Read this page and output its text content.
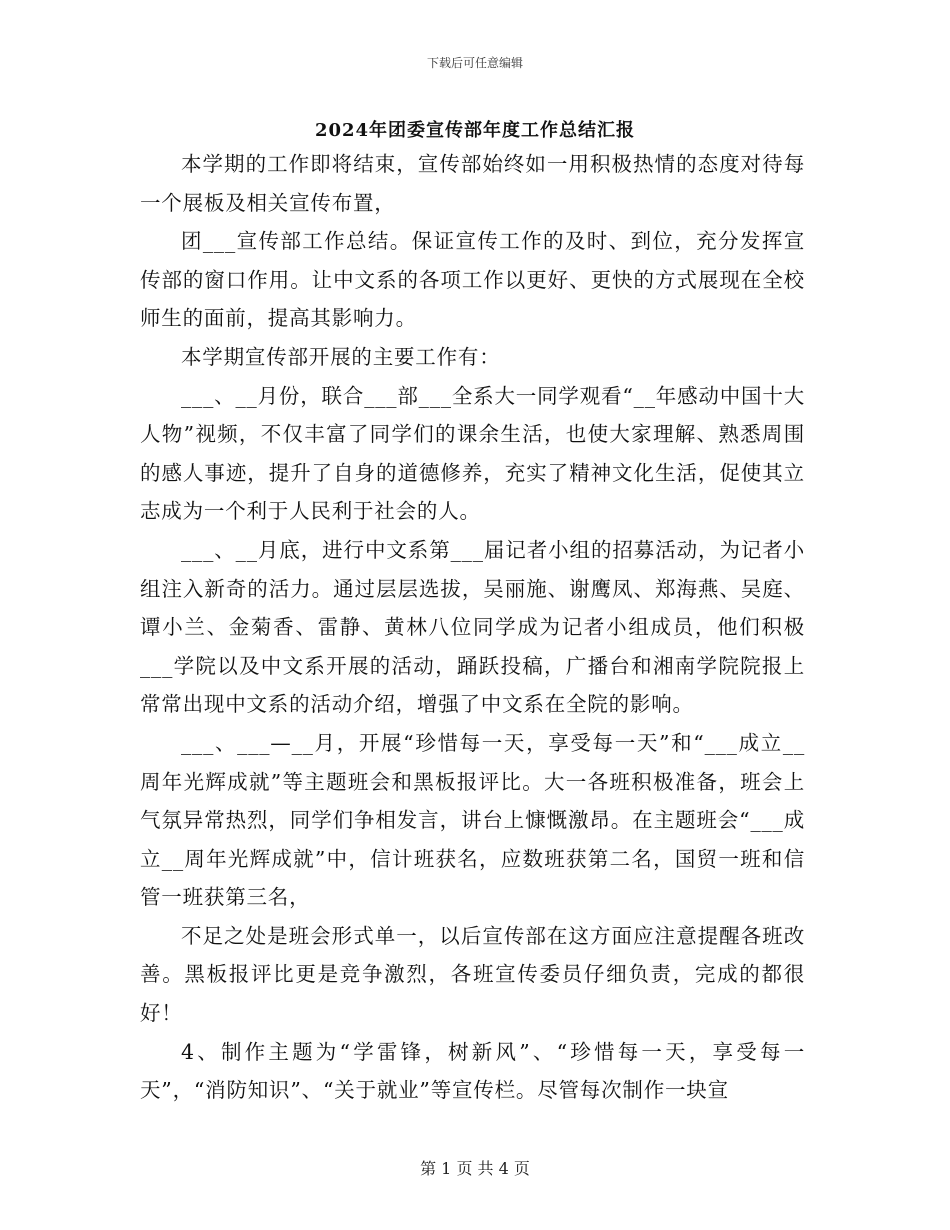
下载后可任意编辑
2024年团委宣传部年度工作总结汇报

本学期的工作即将结束，宣传部始终如一用积极热情的态度对待每一个展板及相关宣传布置，

团___宣传部工作总结。保证宣传工作的及时、到位，充分发挥宣传部的窗口作用。让中文系的各项工作以更好、更快的方式展现在全校师生的面前，提高其影响力。

本学期宣传部开展的主要工作有：

___、__月份，联合___部___全系大一同学观看“__年感动中国十大人物”视频，不仅丰富了同学们的课余生活，也使大家理解、熟悉周围的感人事迹，提升了自身的道德修养，充实了精神文化生活，促使其立志成为一个利于人民利于社会的人。

___、__月底，进行中文系第___届记者小组的招募活动，为记者小组注入新奇的活力。通过层层选拔，吴丽施、谢鹰凤、郑海燕、吴庭、谭小兰、金菊香、雷静、黄林八位同学成为记者小组成员，他们积极___学院以及中文系开展的活动，踊跃投稿，广播台和湘南学院院报上常常出现中文系的活动介绍，增强了中文系在全院的影响。

___、___—__月，开展“珍惜每一天，享受每一天”和“___成立__周年光辉成就”等主题班会和黑板报评比。大一各班积极准备，班会上气氛异常热烈，同学们争相发言，讲台上慷慨激昂。在主题班会“___成立__周年光辉成就”中，信计班获名，应数班获第二名，国贸一班和信管一班获第三名，

不足之处是班会形式单一，以后宣传部在这方面应注意提醒各班改善。黑板报评比更是竞争激烈，各班宣传委员仔细负责，完成的都很好！

4、制作主题为“学雷锋，树新风”、“珍惜每一天，享受每一天”，“消防知识”、“关于就业”等宣传栏。尽管每次制作一块宣

第 1 页 共 4 页
